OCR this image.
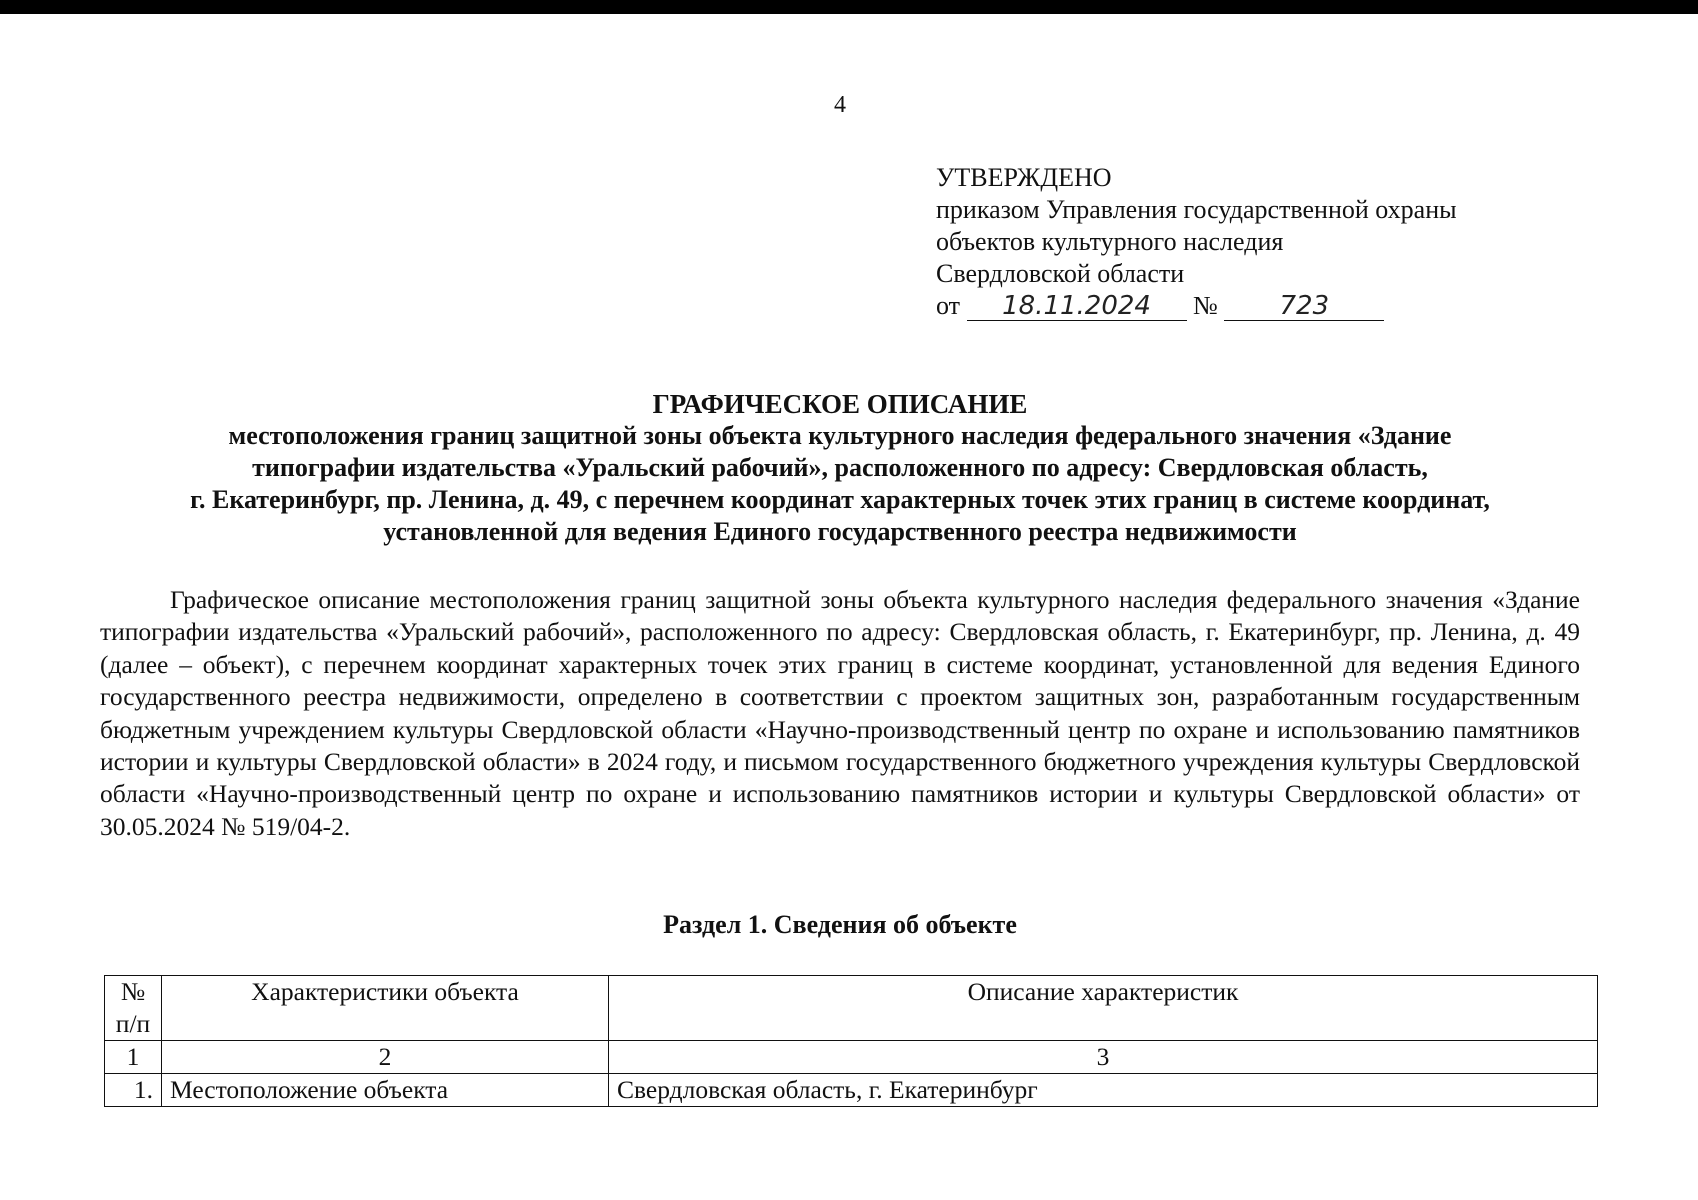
4
УТВЕРЖДЕНО
приказом Управления государственной охраны
объектов культурного наследия
Свердловской области
от 18.11.2024 № 723
ГРАФИЧЕСКОЕ ОПИСАНИЕ
местоположения границ защитной зоны объекта культурного наследия федерального значения «Здание
типографии издательства «Уральский рабочий», расположенного по адресу: Свердловская область,
г. Екатеринбург, пр. Ленина, д. 49, с перечнем координат характерных точек этих границ в системе координат,
установленной для ведения Единого государственного реестра недвижимости

Графическое описание местоположения границ защитной зоны объекта культурного наследия федерального значения «Здание типографии издательства «Уральский рабочий», расположенного по адресу: Свердловская область, г. Екатеринбург, пр. Ленина, д. 49 (далее – объект), с перечнем координат характерных точек этих границ в системе координат, установленной для ведения Единого государственного реестра недвижимости, определено в соответствии с проектом защитных зон, разработанным государственным бюджетным учреждением культуры Свердловской области «Научно-производственный центр по охране и использованию памятников истории и культуры Свердловской области» в 2024 году, и письмом государственного бюджетного учреждения культуры Свердловской области «Научно-производственный центр по охране и использованию памятников истории и культуры Свердловской области» от 30.05.2024 № 519/04-2.

Раздел 1. Сведения об объекте
№ п/п	Характеристики объекта	Описание характеристик
1	2	3
1.	Местоположение объекта	Свердловская область, г. Екатеринбург
